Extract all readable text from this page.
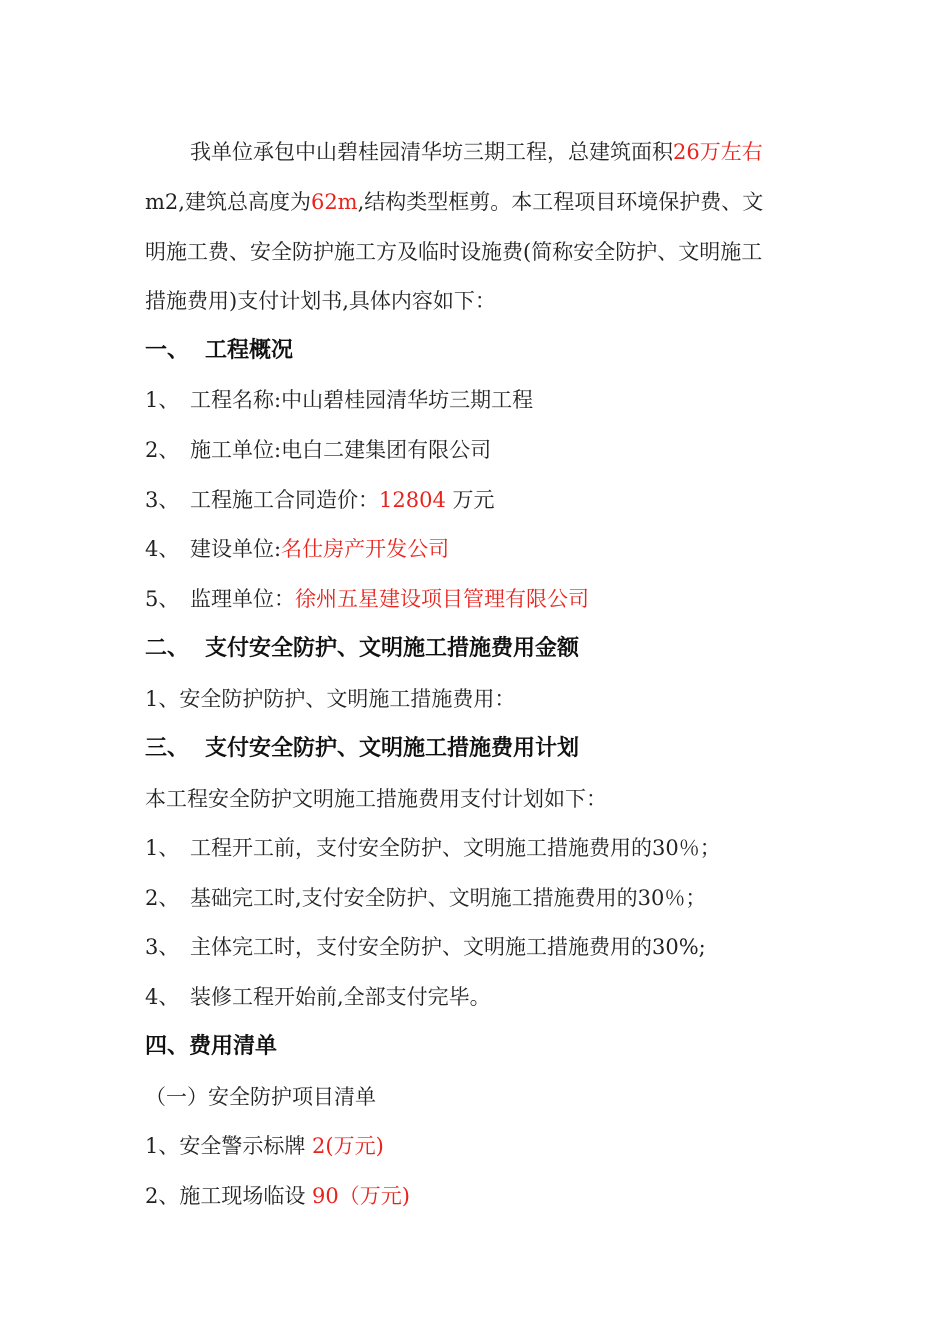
我单位承包中山碧桂园清华坊三期工程，总建筑面积26万左右
m2,建筑总高度为62m,结构类型框剪。本工程项目环境保护费、文
明施工费、安全防护施工方及临时设施费(简称安全防护、文明施工
措施费用)支付计划书,具体内容如下：
一、 工程概况
1、 工程名称:中山碧桂园清华坊三期工程
2、 施工单位:电白二建集团有限公司
3、 工程施工合同造价：12804 万元
4、 建设单位:名仕房产开发公司
5、 监理单位：徐州五星建设项目管理有限公司
二、 支付安全防护、文明施工措施费用金额
1、安全防护防护、文明施工措施费用：
三、 支付安全防护、文明施工措施费用计划
本工程安全防护文明施工措施费用支付计划如下：
1、 工程开工前，支付安全防护、文明施工措施费用的30％；
2、 基础完工时,支付安全防护、文明施工措施费用的30％；
3、 主体完工时，支付安全防护、文明施工措施费用的30%;
4、 装修工程开始前,全部支付完毕。
四、费用清单
（一）安全防护项目清单
1、安全警示标牌 2(万元)
2、施工现场临设 90（万元)
